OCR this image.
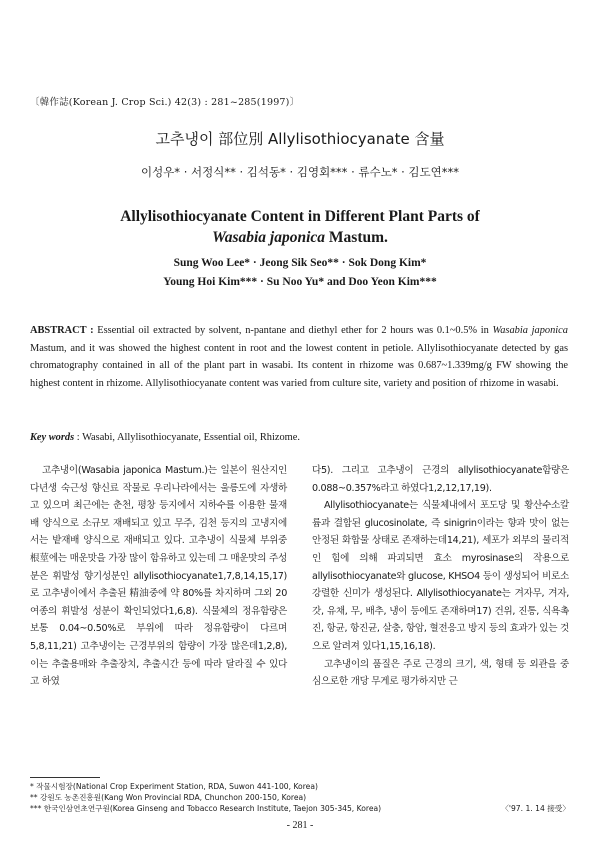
〔韓作誌(Korean J. Crop Sci.) 42(3) : 281~285(1997)〕
고추냉이 部位別 Allylisothiocyanate 含量
이성우* · 서정식** · 김석동* · 김영회*** · 류수노* · 김도연***
Allylisothiocyanate Content in Different Plant Parts of
Wasabia japonica Mastum.
Sung Woo Lee* · Jeong Sik Seo** · Sok Dong Kim*
Young Hoi Kim*** · Su Noo Yu* and Doo Yeon Kim***
ABSTRACT : Essential oil extracted by solvent, n-pantane and diethyl ether for 2 hours was 0.1~0.5% in Wasabia japonica Mastum, and it was showed the highest content in root and the lowest content in petiole. Allylisothiocyanate detected by gas chromatography contained in all of the plant part in wasabi. Its content in rhizome was 0.687~1.339mg/g FW showing the highest content in rhizome. Allylisothiocyanate content was varied from culture site, variety and position of rhizome in wasabi.
Key words : Wasabi, Allylisothiocyanate, Essential oil, Rhizome.

고추냉이(Wasabia japonica Mastum.)는 일본이 원산지인 다년생 숙근성 향신료 작물로 우리나라에서는 울릉도에 자생하고 있으며 최근에는 춘천, 평창 등지에서 지하수를 이용한 물재배 양식으로 소규모 재배되고 있고 무주, 김천 등지의 고냉지에서는 밭재배 양식으로 재배되고 있다. 고추냉이 식물체 부위중 根莖에는 매운맛을 가장 많이 함유하고 있는데 그 매운맛의 주성분은 휘발성 향기성분인 allylisothiocyanate1,7,8,14,15,17)로 고추냉이에서 추출된 精油중에 약 80%를 차지하며 그외 20여종의 휘발성 성분이 확인되었다1,6,8). 식물체의 정유함량은 보통 0.04~0.50%로 부위에 따라 정유함량이 다르며5,8,11,21) 고추냉이는 근경부위의 함량이 가장 많은데1,2,8), 이는 추출용매와 추출장치, 추출시간 등에 따라 달라질 수 있다고 하였

다5). 그리고 고추냉이 근경의 allylisothiocyanate함량은 0.088~0.357%라고 하였다1,2,12,17,19).

Allylisothiocyanate는 식물체내에서 포도당 및 황산수소칼륨과 결합된 glucosinolate, 즉 sinigrin이라는 향과 맛이 없는 안정된 화합물 상태로 존재하는데14,21), 세포가 외부의 물리적인 힘에 의해 파괴되면 효소 myrosinase의 작용으로 allylisothiocyanate와 glucose, KHSO4 등이 생성되어 비로소 강렬한 신미가 생성된다. Allylisothiocyanate는 겨자무, 겨자, 갓, 유채, 무, 배추, 냉이 등에도 존재하며17) 건위, 진통, 식욕촉진, 항균, 항진균, 살충, 항암, 혈전응고 방지 등의 효과가 있는 것으로 알려져 있다1,15,16,18).

고추냉이의 품질은 주로 근경의 크기, 색, 형태 등 외관을 중심으로한 개당 무게로 평가하지만 근

* 작물시험장(National Crop Experiment Station, RDA, Suwon 441-100, Korea)
** 강원도 농촌진흥원(Kang Won Provincial RDA, Chunchon 200-150, Korea)
*** 한국인삼연초연구원(Korea Ginseng and Tobacco Research Institute, Taejon 305-345, Korea)	〈'97. 1. 14 接受〉
- 281 -
